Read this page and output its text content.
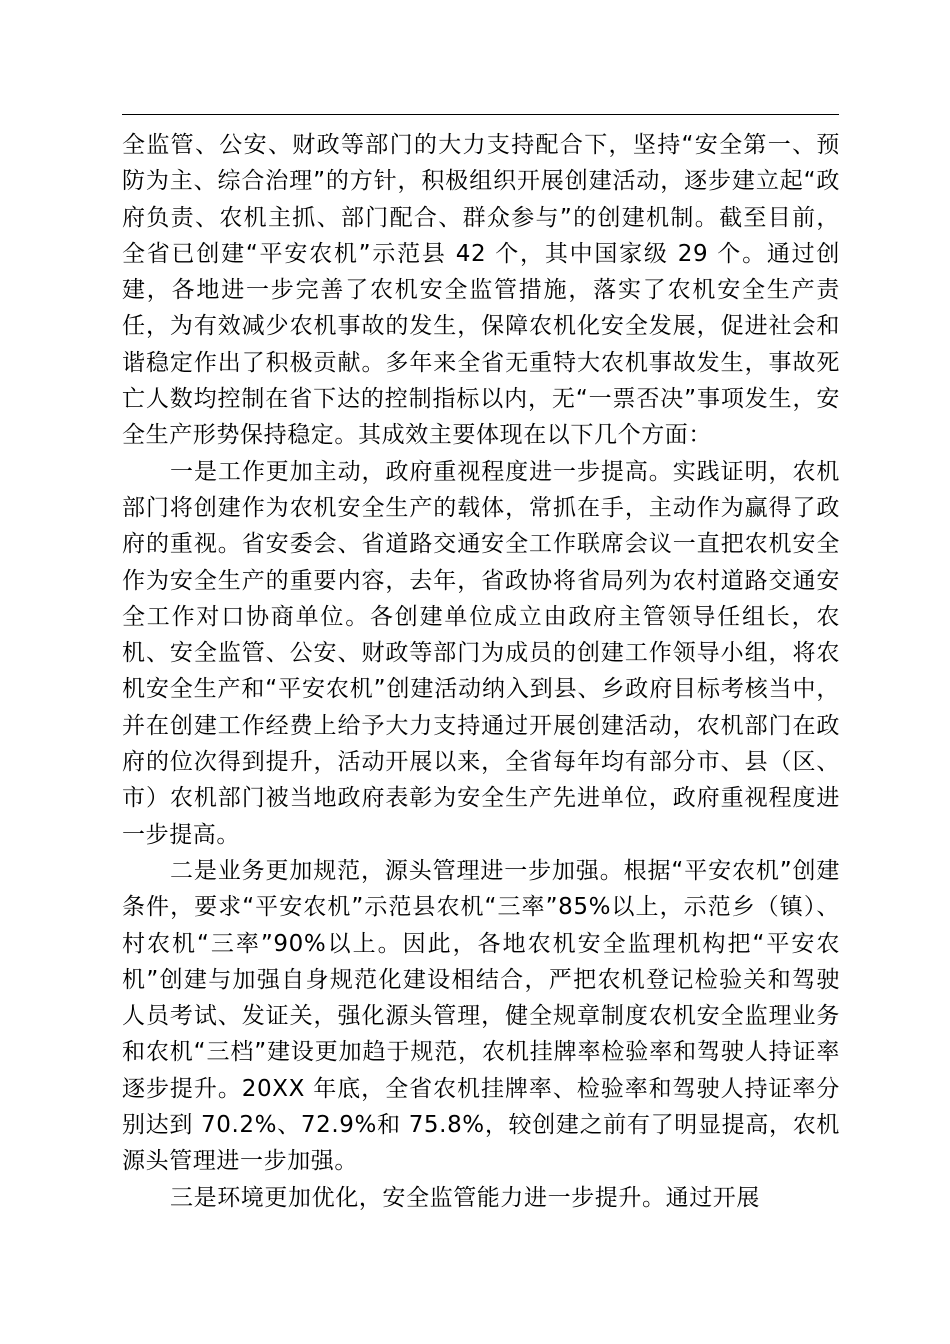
全监管、公安、财政等部门的大力支持配合下，坚持“安全第一、预防为主、综合治理”的方针，积极组织开展创建活动，逐步建立起“政府负责、农机主抓、部门配合、群众参与”的创建机制。截至目前，全省已创建“平安农机”示范县 42 个，其中国家级 29 个。通过创建，各地进一步完善了农机安全监管措施，落实了农机安全生产责任，为有效减少农机事故的发生，保障农机化安全发展，促进社会和谐稳定作出了积极贡献。多年来全省无重特大农机事故发生，事故死亡人数均控制在省下达的控制指标以内，无“一票否决”事项发生，安全生产形势保持稳定。其成效主要体现在以下几个方面：

一是工作更加主动，政府重视程度进一步提高。实践证明，农机部门将创建作为农机安全生产的载体，常抓在手，主动作为赢得了政府的重视。省安委会、省道路交通安全工作联席会议一直把农机安全作为安全生产的重要内容，去年，省政协将省局列为农村道路交通安全工作对口协商单位。各创建单位成立由政府主管领导任组长，农机、安全监管、公安、财政等部门为成员的创建工作领导小组，将农机安全生产和“平安农机”创建活动纳入到县、乡政府目标考核当中，并在创建工作经费上给予大力支持通过开展创建活动，农机部门在政府的位次得到提升，活动开展以来，全省每年均有部分市、县（区、市）农机部门被当地政府表彰为安全生产先进单位，政府重视程度进一步提高。

二是业务更加规范，源头管理进一步加强。根据“平安农机”创建条件，要求“平安农机”示范县农机“三率”85%以上，示范乡（镇）、村农机“三率”90%以上。因此，各地农机安全监理机构把“平安农机”创建与加强自身规范化建设相结合，严把农机登记检验关和驾驶人员考试、发证关，强化源头管理，健全规章制度农机安全监理业务和农机“三档”建设更加趋于规范，农机挂牌率检验率和驾驶人持证率逐步提升。20XX 年底，全省农机挂牌率、检验率和驾驶人持证率分别达到 70.2%、72.9%和 75.8%，较创建之前有了明显提高，农机源头管理进一步加强。

三是环境更加优化，安全监管能力进一步提升。通过开展
